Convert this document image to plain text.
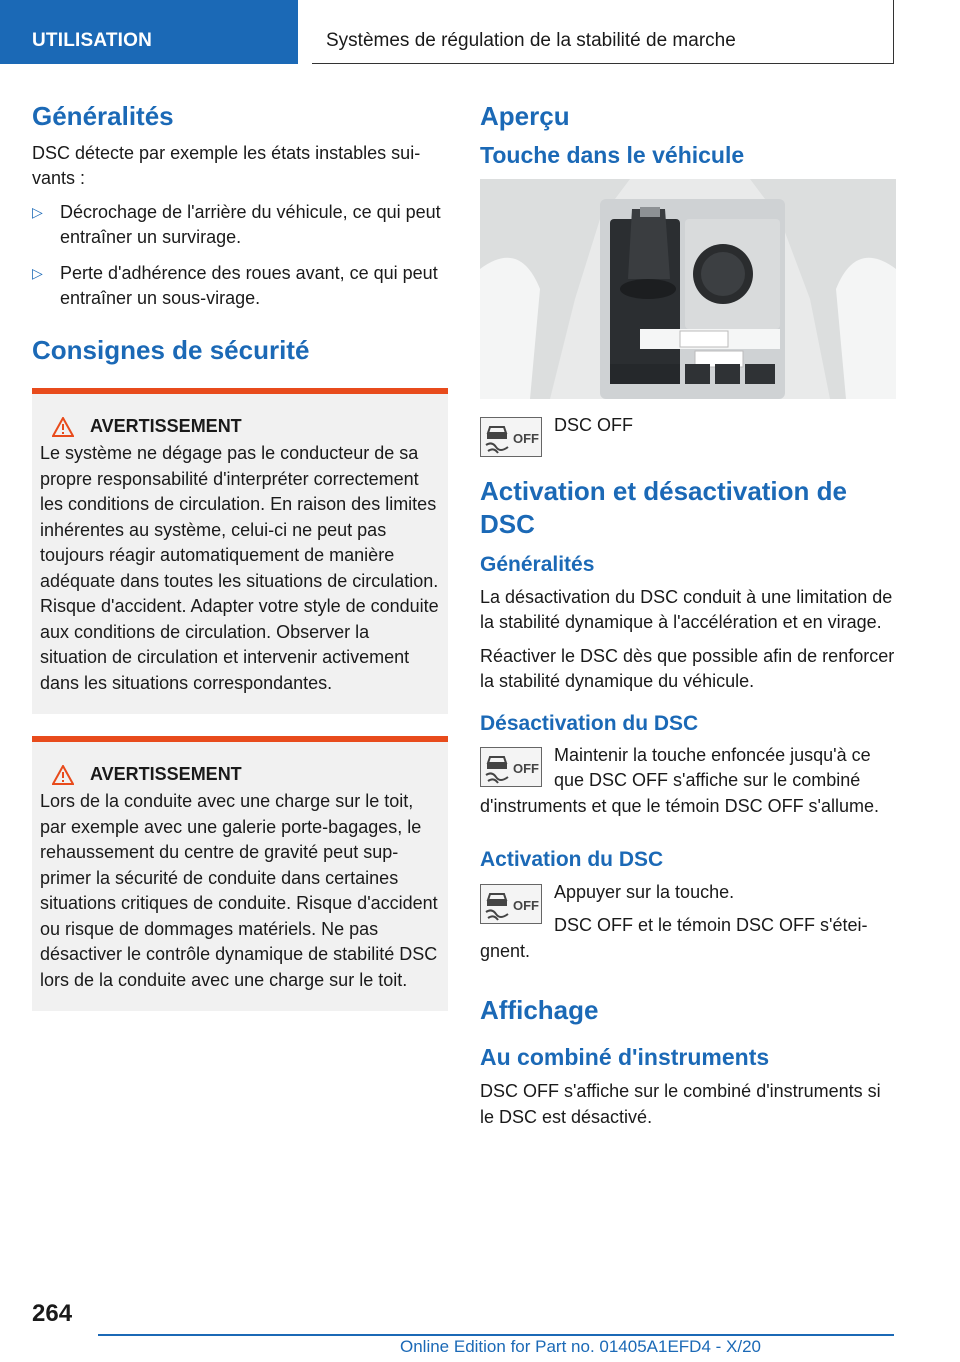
UTILISATION	Systèmes de régulation de la stabilité de marche
Généralités

DSC détecte par exemple les états instables suivants :

▷ Décrochage de l'arrière du véhicule, ce qui peut entraîner un survirage.
▷ Perte d'adhérence des roues avant, ce qui peut entraîner un sous-virage.
Consignes de sécurité
AVERTISSEMENT

Le système ne dégage pas le conducteur de sa propre responsabilité d'interpréter correctement les conditions de circulation. En raison des limites inhérentes au système, celui-ci ne peut pas toujours réagir automatiquement de manière adéquate dans toutes les situations de circulation. Risque d'accident. Adapter votre style de conduite aux conditions de circulation. Observer la situation de circulation et intervenir activement dans les situations correspondantes.

AVERTISSEMENT

Lors de la conduite avec une charge sur le toit, par exemple avec une galerie porte-bagages, le rehaussement du centre de gravité peut supprimer la sécurité de conduite dans certaines situations critiques de conduite. Risque d'accident ou risque de dommages matériels. Ne pas désactiver le contrôle dynamique de stabilité DSC lors de la conduite avec une charge sur le toit.

Aperçu
Touche dans le véhicule
OFF

DSC OFF

Activation et désactivation de DSC
Généralités

La désactivation du DSC conduit à une limitation de la stabilité dynamique à l'accélération et en virage.

Réactiver le DSC dès que possible afin de renforcer la stabilité dynamique du véhicule.

Désactivation du DSC
OFF

Maintenir la touche enfoncée jusqu'à ce que DSC OFF s'affiche sur le combiné d'instruments et que le témoin DSC OFF s'allume.

Activation du DSC
OFF

Appuyer sur la touche.

DSC OFF et le témoin DSC OFF s'éteignent.

Affichage
Au combiné d'instruments

DSC OFF s'affiche sur le combiné d'instruments si le DSC est désactivé.

264
Online Edition for Part no. 01405A1EFD4 - X/20
